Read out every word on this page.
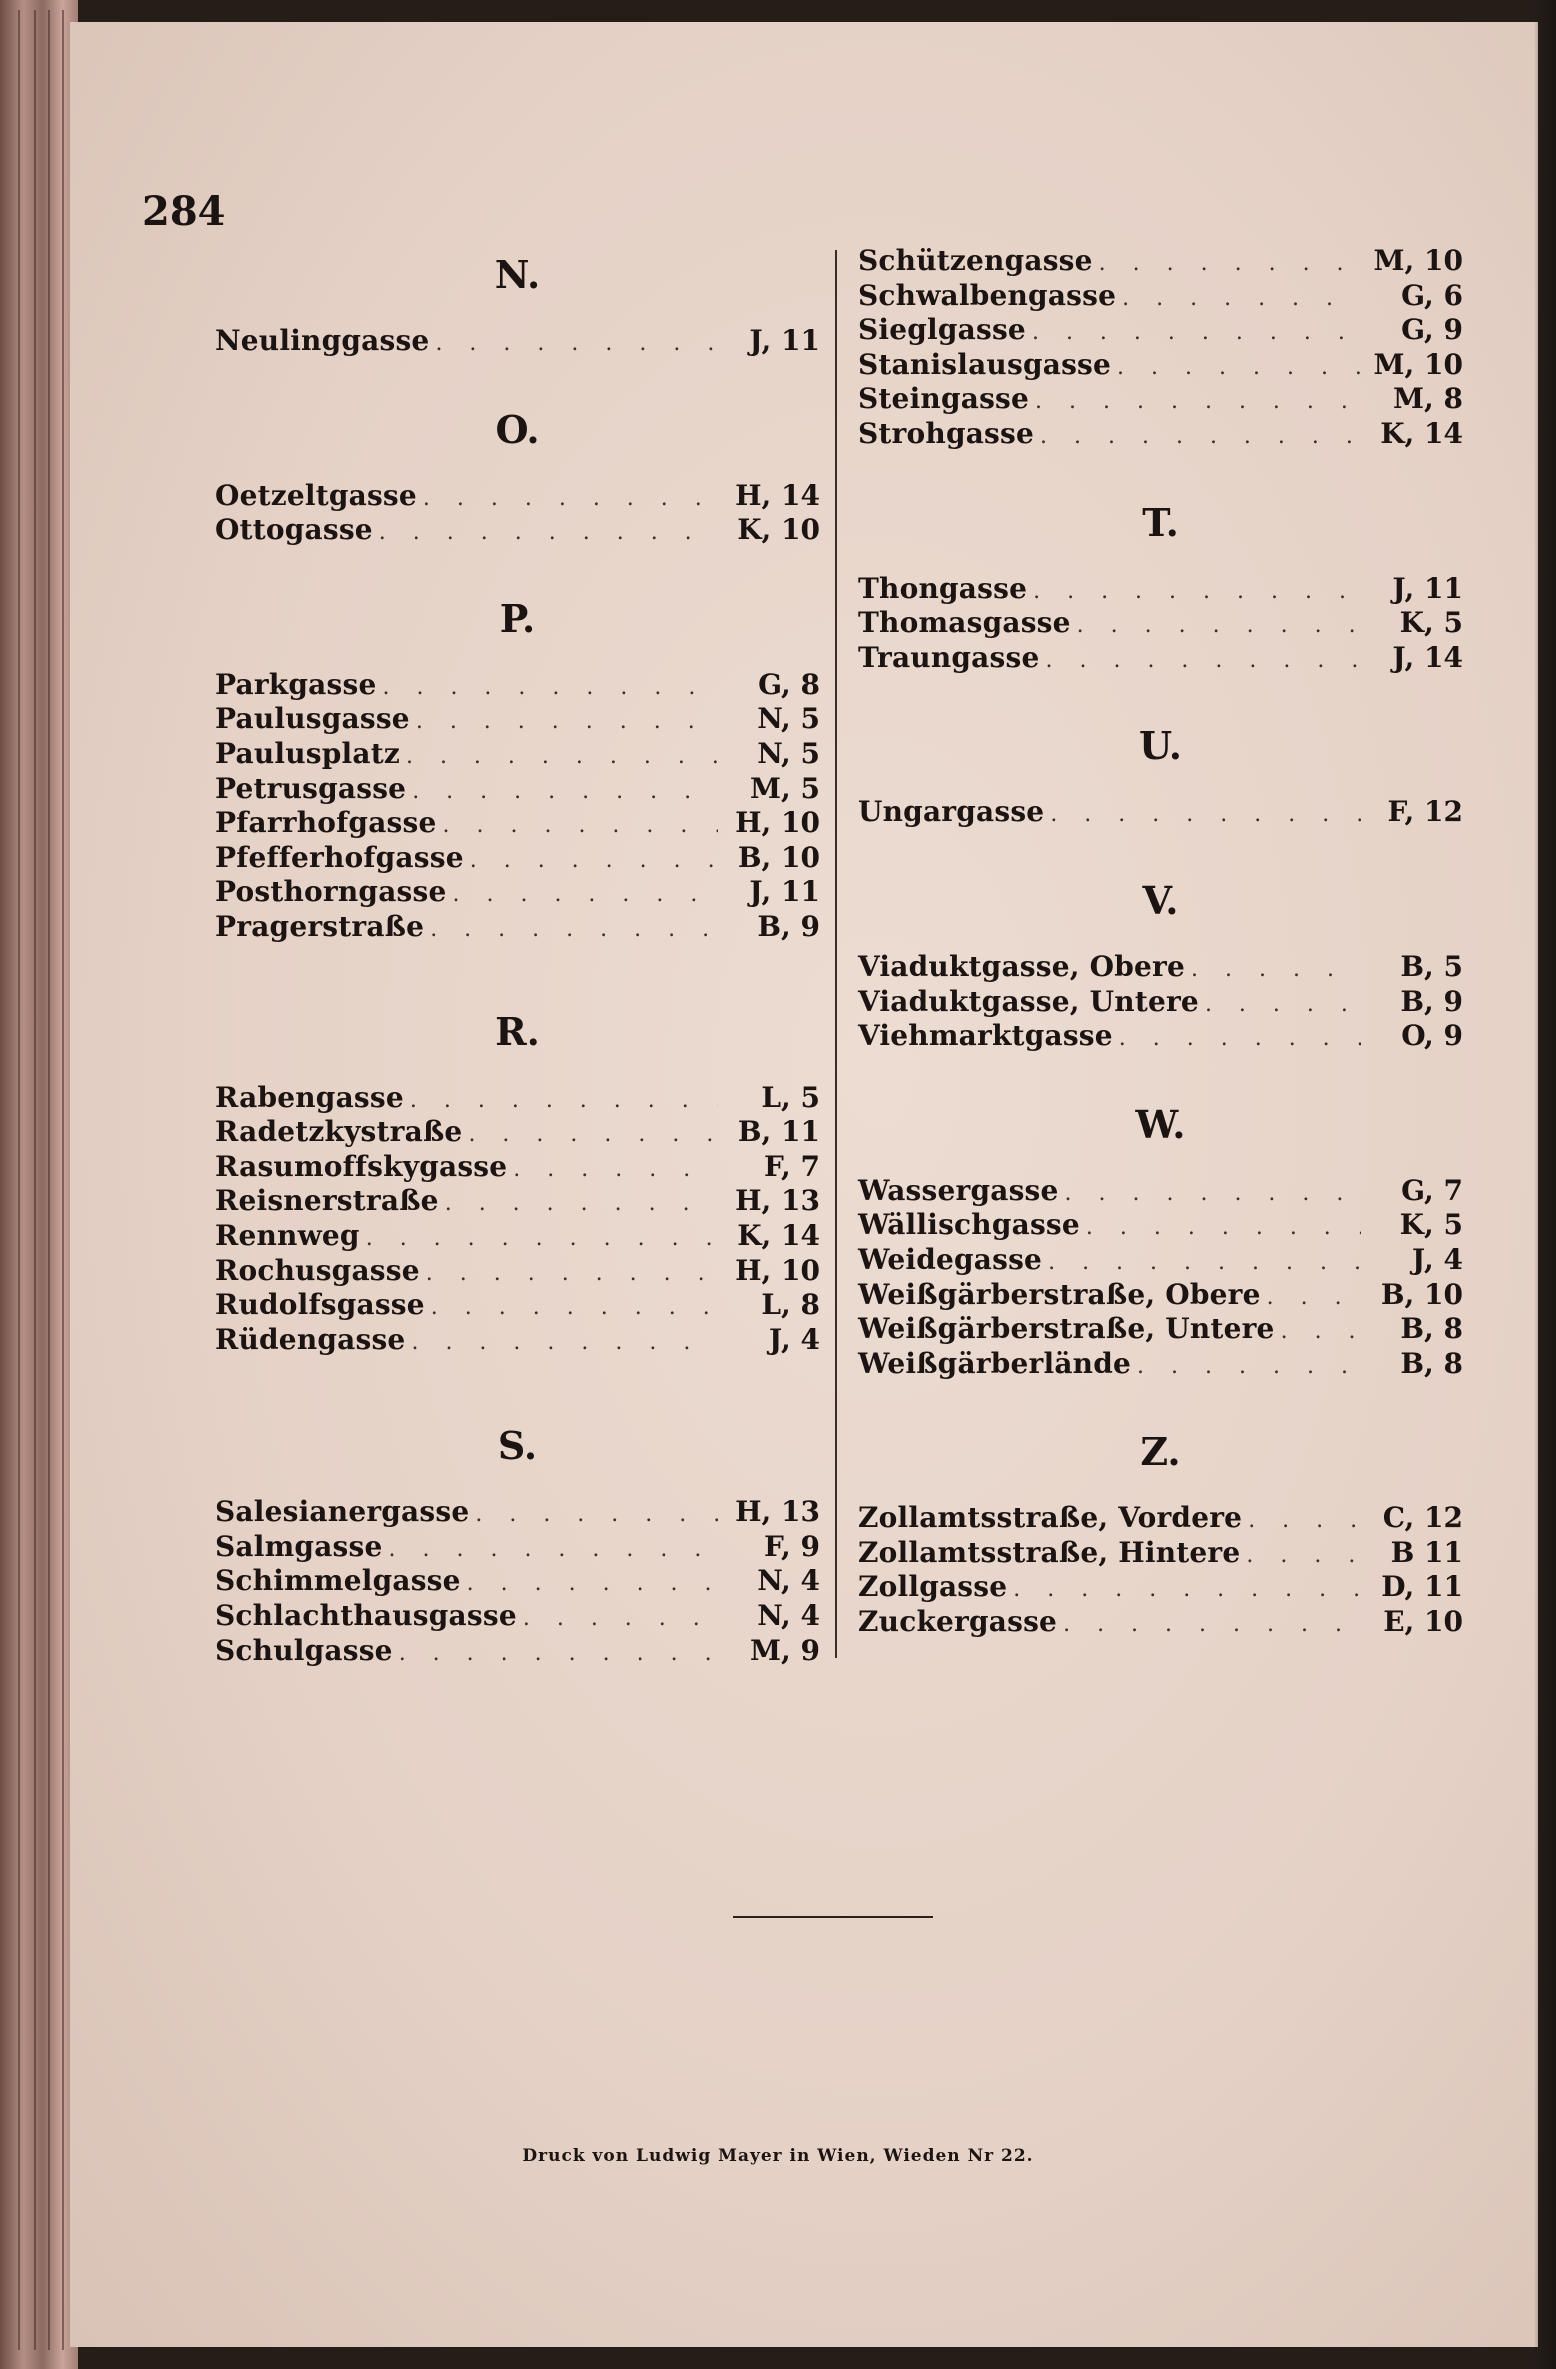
284
N.
Neulinggasse . . .	J, 11
O.
Oetzeltgasse . . .	H, 14
Ottogasse . . .	K, 10
P.
Parkgasse . . .	G, 8
Paulusgasse . . .	N, 5
Paulusplatz . . .	N, 5
Petrusgasse . . .	M, 5
Pfarrhofgasse . . .	H, 10
Pfefferhofgasse . . .	B, 10
Posthorngasse . . .	J, 11
Pragerstraße . . .	B, 9
R.
Rabengasse . . .	L, 5
Radetzkystraße . . .	B, 11
Rasumoffskygasse . . .	F, 7
Reisnerstraße . . .	H, 13
Rennweg . . .	K, 14
Rochusgasse . . .	H, 10
Rudolfsgasse . . .	L, 8
Rüdengasse . . .	J, 4
S.
Salesianergasse . . .	H, 13
Salmgasse . . .	F, 9
Schimmelgasse . . .	N, 4
Schlachthausgasse . . .	N, 4
Schulgasse . . .	M, 9
Schützengasse . . .	M, 10
Schwalbengasse . . .	G, 6
Sieglgasse . . .	G, 9
Stanislausgasse . . .	M, 10
Steingasse . . .	M, 8
Strohgasse . . .	K, 14
T.
Thongasse . . .	J, 11
Thomasgasse . . .	K, 5
Traungasse . . .	J, 14
U.
Ungargasse . . .	F, 12
V.
Viaduktgasse, Obere . . .	B, 5
Viaduktgasse, Untere . . .	B, 9
Viehmarktgasse . . .	O, 9
W.
Wassergasse . . .	G, 7
Wällischgasse . . .	K, 5
Weidegasse . . .	J, 4
Weißgärberstraße, Obere . . .	B, 10
Weißgärberstraße, Untere . . .	B, 8
Weißgärberlände . . .	B, 8
Z.
Zollamtsstraße, Vordere . . .	C, 12
Zollamtsstraße, Hintere . . .	B 11
Zollgasse . . .	D, 11
Zuckergasse . . .	E, 10
Druck von Ludwig Mayer in Wien, Wieden Nr 22.
